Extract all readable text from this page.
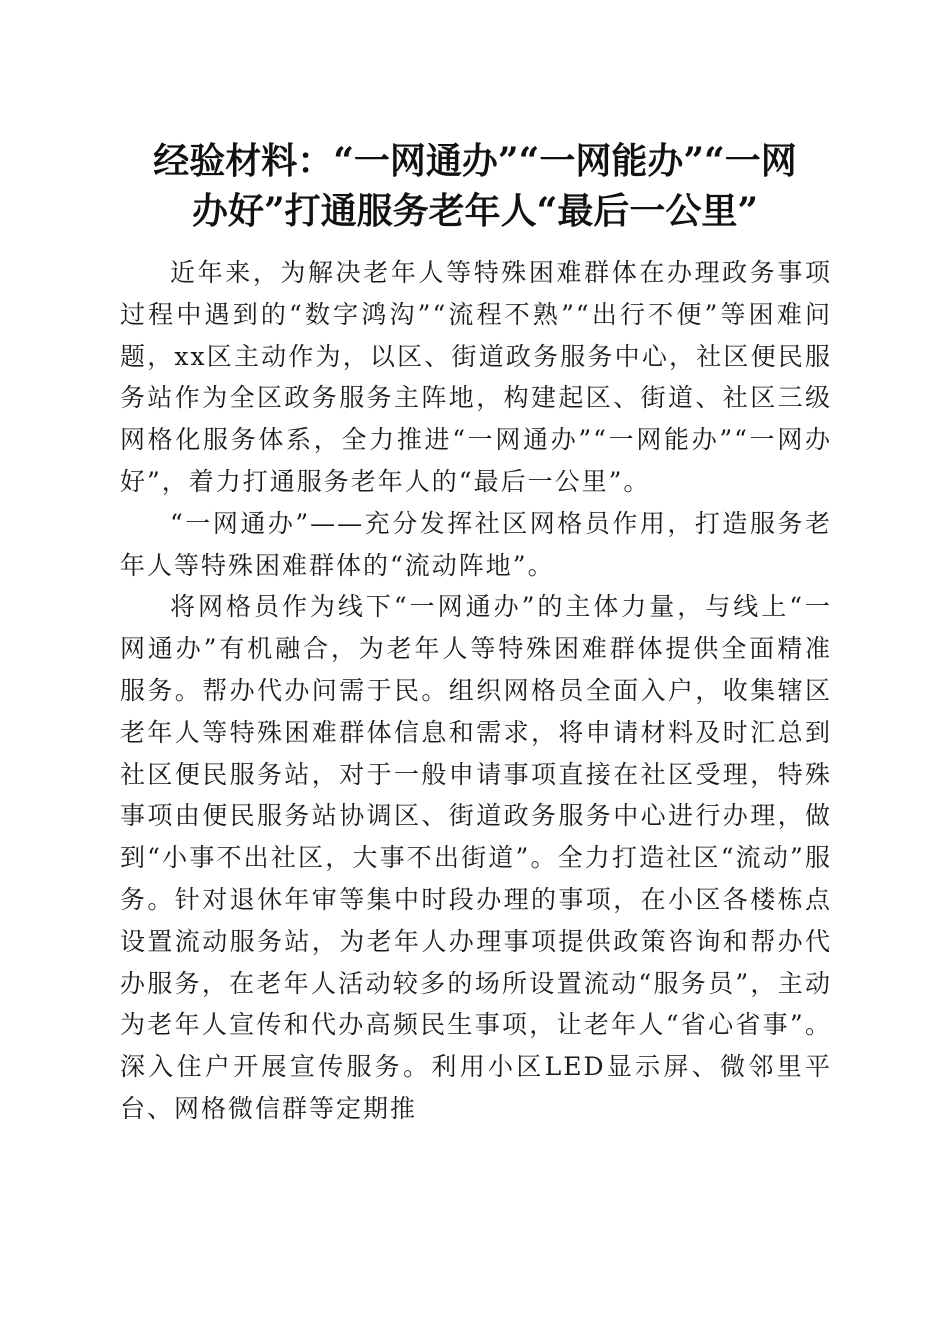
经验材料：“一网通办”“一网能办”“一网
办好”打通服务老年人“最后一公里”

近年来，为解决老年人等特殊困难群体在办理政务事项过程中遇到的“数字鸿沟”“流程不熟”“出行不便”等困难问题，xx区主动作为，以区、街道政务服务中心，社区便民服务站作为全区政务服务主阵地，构建起区、街道、社区三级网格化服务体系，全力推进“一网通办”“一网能办”“一网办好”，着力打通服务老年人的“最后一公里”。

“一网通办”——充分发挥社区网格员作用，打造服务老年人等特殊困难群体的“流动阵地”。

将网格员作为线下“一网通办”的主体力量，与线上“一网通办”有机融合，为老年人等特殊困难群体提供全面精准服务。帮办代办问需于民。组织网格员全面入户，收集辖区老年人等特殊困难群体信息和需求，将申请材料及时汇总到社区便民服务站，对于一般申请事项直接在社区受理，特殊事项由便民服务站协调区、街道政务服务中心进行办理，做到“小事不出社区，大事不出街道”。全力打造社区“流动”服务。针对退休年审等集中时段办理的事项，在小区各楼栋点设置流动服务站，为老年人办理事项提供政策咨询和帮办代办服务，在老年人活动较多的场所设置流动“服务员”，主动为老年人宣传和代办高频民生事项，让老年人“省心省事”。深入住户开展宣传服务。利用小区LED显示屏、微邻里平台、网格微信群等定期推
